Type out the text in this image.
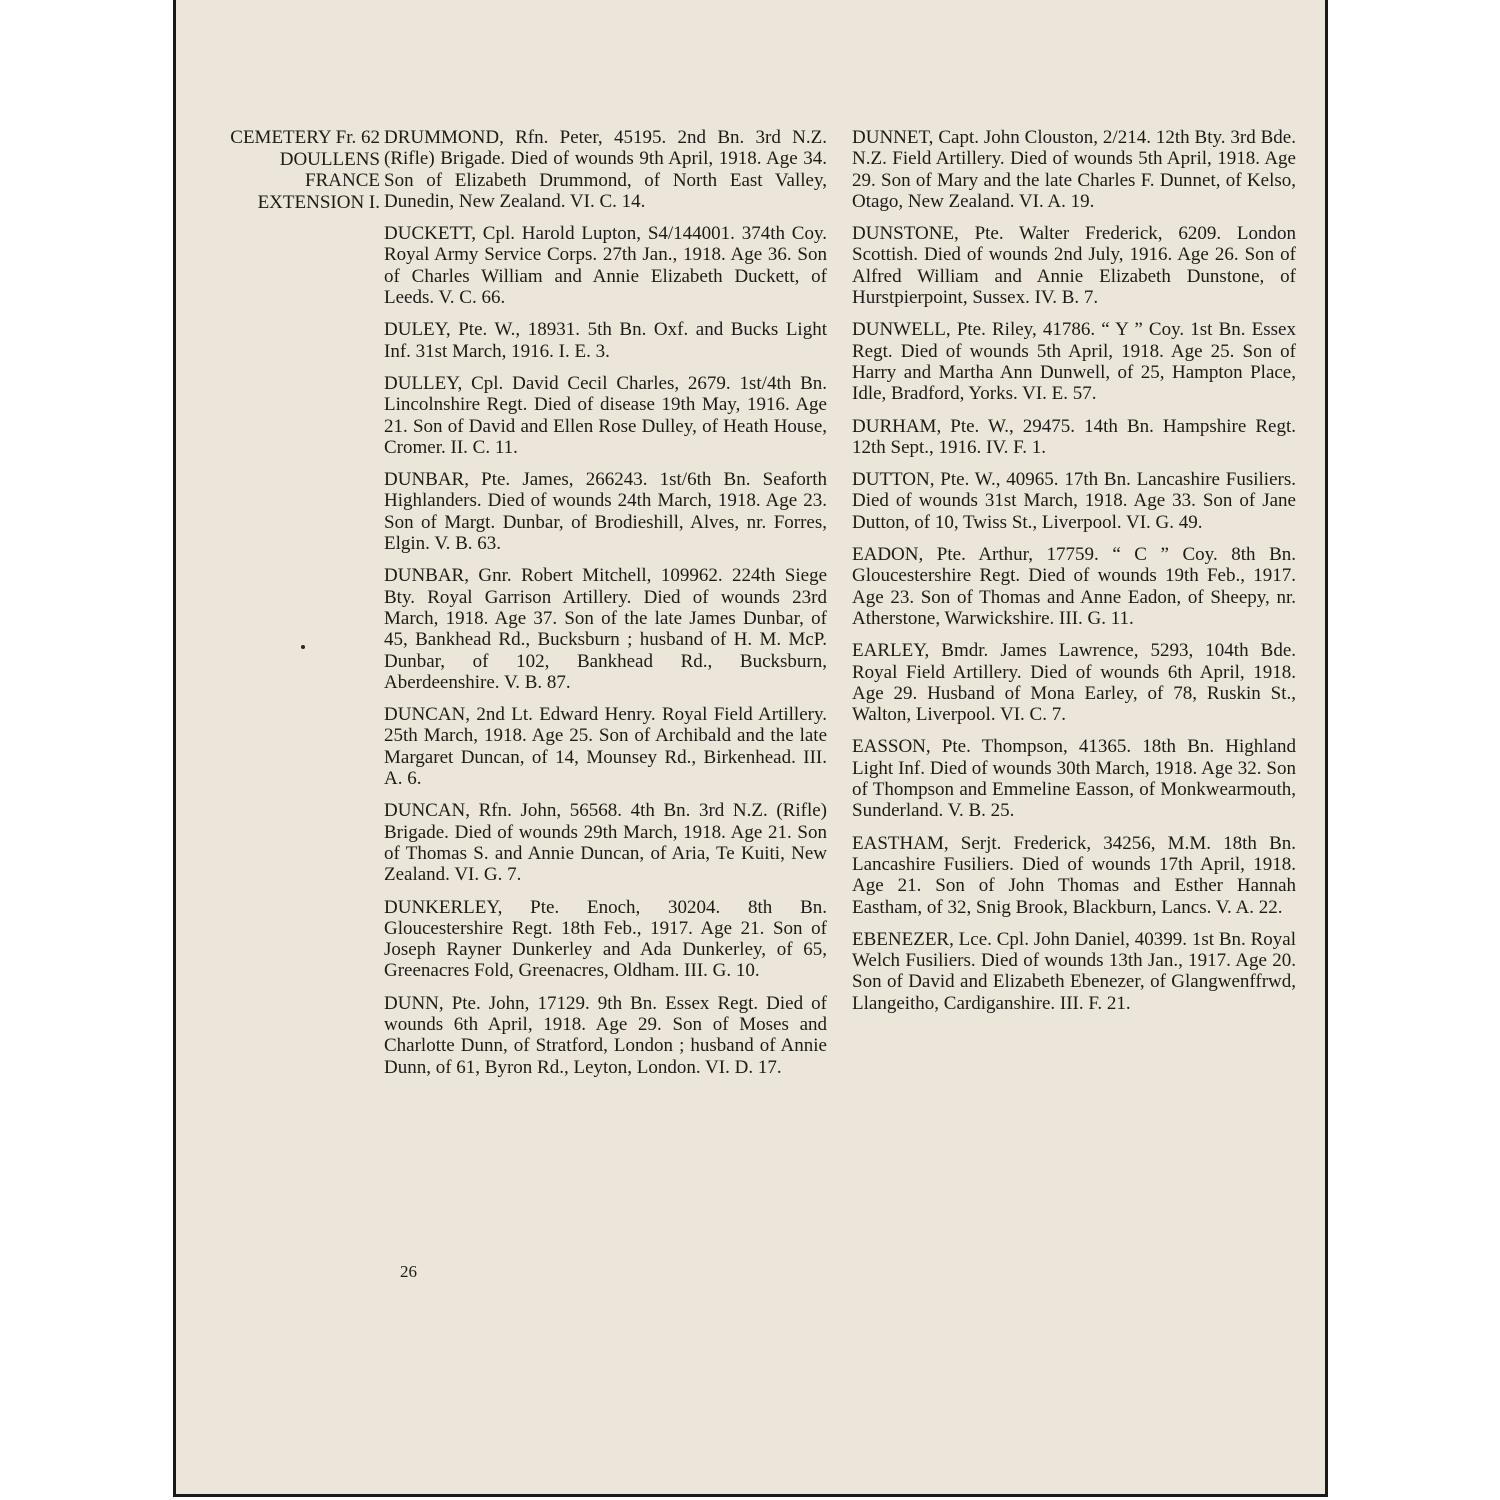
CEMETERY Fr. 62
DOULLENS
FRANCE
EXTENSION I.

DRUMMOND, Rfn. Peter, 45195. 2nd Bn. 3rd N.Z. (Rifle) Brigade. Died of wounds 9th April, 1918. Age 34. Son of Elizabeth Drummond, of North East Valley, Dunedin, New Zealand. VI. C. 14.

DUCKETT, Cpl. Harold Lupton, S4/144001. 374th Coy. Royal Army Service Corps. 27th Jan., 1918. Age 36. Son of Charles William and Annie Elizabeth Duckett, of Leeds. V. C. 66.

DULEY, Pte. W., 18931. 5th Bn. Oxf. and Bucks Light Inf. 31st March, 1916. I. E. 3.

DULLEY, Cpl. David Cecil Charles, 2679. 1st/4th Bn. Lincolnshire Regt. Died of disease 19th May, 1916. Age 21. Son of David and Ellen Rose Dulley, of Heath House, Cromer. II. C. 11.

DUNBAR, Pte. James, 266243. 1st/6th Bn. Seaforth Highlanders. Died of wounds 24th March, 1918. Age 23. Son of Margt. Dunbar, of Brodieshill, Alves, nr. Forres, Elgin. V. B. 63.

DUNBAR, Gnr. Robert Mitchell, 109962. 224th Siege Bty. Royal Garrison Artillery. Died of wounds 23rd March, 1918. Age 37. Son of the late James Dunbar, of 45, Bankhead Rd., Bucksburn ; husband of H. M. McP. Dunbar, of 102, Bankhead Rd., Bucksburn, Aberdeenshire. V. B. 87.

DUNCAN, 2nd Lt. Edward Henry. Royal Field Artillery. 25th March, 1918. Age 25. Son of Archibald and the late Margaret Duncan, of 14, Mounsey Rd., Birkenhead. III. A. 6.

DUNCAN, Rfn. John, 56568. 4th Bn. 3rd N.Z. (Rifle) Brigade. Died of wounds 29th March, 1918. Age 21. Son of Thomas S. and Annie Duncan, of Aria, Te Kuiti, New Zealand. VI. G. 7.

DUNKERLEY, Pte. Enoch, 30204. 8th Bn. Gloucestershire Regt. 18th Feb., 1917. Age 21. Son of Joseph Rayner Dunkerley and Ada Dunkerley, of 65, Greenacres Fold, Greenacres, Oldham. III. G. 10.

DUNN, Pte. John, 17129. 9th Bn. Essex Regt. Died of wounds 6th April, 1918. Age 29. Son of Moses and Charlotte Dunn, of Stratford, London ; husband of Annie Dunn, of 61, Byron Rd., Leyton, London. VI. D. 17.

DUNNET, Capt. John Clouston, 2/214. 12th Bty. 3rd Bde. N.Z. Field Artillery. Died of wounds 5th April, 1918. Age 29. Son of Mary and the late Charles F. Dunnet, of Kelso, Otago, New Zealand. VI. A. 19.

DUNSTONE, Pte. Walter Frederick, 6209. London Scottish. Died of wounds 2nd July, 1916. Age 26. Son of Alfred William and Annie Elizabeth Dunstone, of Hurstpierpoint, Sussex. IV. B. 7.

DUNWELL, Pte. Riley, 41786. “ Y ” Coy. 1st Bn. Essex Regt. Died of wounds 5th April, 1918. Age 25. Son of Harry and Martha Ann Dunwell, of 25, Hampton Place, Idle, Bradford, Yorks. VI. E. 57.

DURHAM, Pte. W., 29475. 14th Bn. Hampshire Regt. 12th Sept., 1916. IV. F. 1.

DUTTON, Pte. W., 40965. 17th Bn. Lancashire Fusiliers. Died of wounds 31st March, 1918. Age 33. Son of Jane Dutton, of 10, Twiss St., Liverpool. VI. G. 49.

EADON, Pte. Arthur, 17759. “ C ” Coy. 8th Bn. Gloucestershire Regt. Died of wounds 19th Feb., 1917. Age 23. Son of Thomas and Anne Eadon, of Sheepy, nr. Atherstone, Warwickshire. III. G. 11.

EARLEY, Bmdr. James Lawrence, 5293, 104th Bde. Royal Field Artillery. Died of wounds 6th April, 1918. Age 29. Husband of Mona Earley, of 78, Ruskin St., Walton, Liverpool. VI. C. 7.

EASSON, Pte. Thompson, 41365. 18th Bn. Highland Light Inf. Died of wounds 30th March, 1918. Age 32. Son of Thompson and Emmeline Easson, of Monkwearmouth, Sunderland. V. B. 25.

EASTHAM, Serjt. Frederick, 34256, M.M. 18th Bn. Lancashire Fusiliers. Died of wounds 17th April, 1918. Age 21. Son of John Thomas and Esther Hannah Eastham, of 32, Snig Brook, Blackburn, Lancs. V. A. 22.

EBENEZER, Lce. Cpl. John Daniel, 40399. 1st Bn. Royal Welch Fusiliers. Died of wounds 13th Jan., 1917. Age 20. Son of David and Elizabeth Ebenezer, of Glangwenffrwd, Llangeitho, Cardiganshire. III. F. 21.

26
